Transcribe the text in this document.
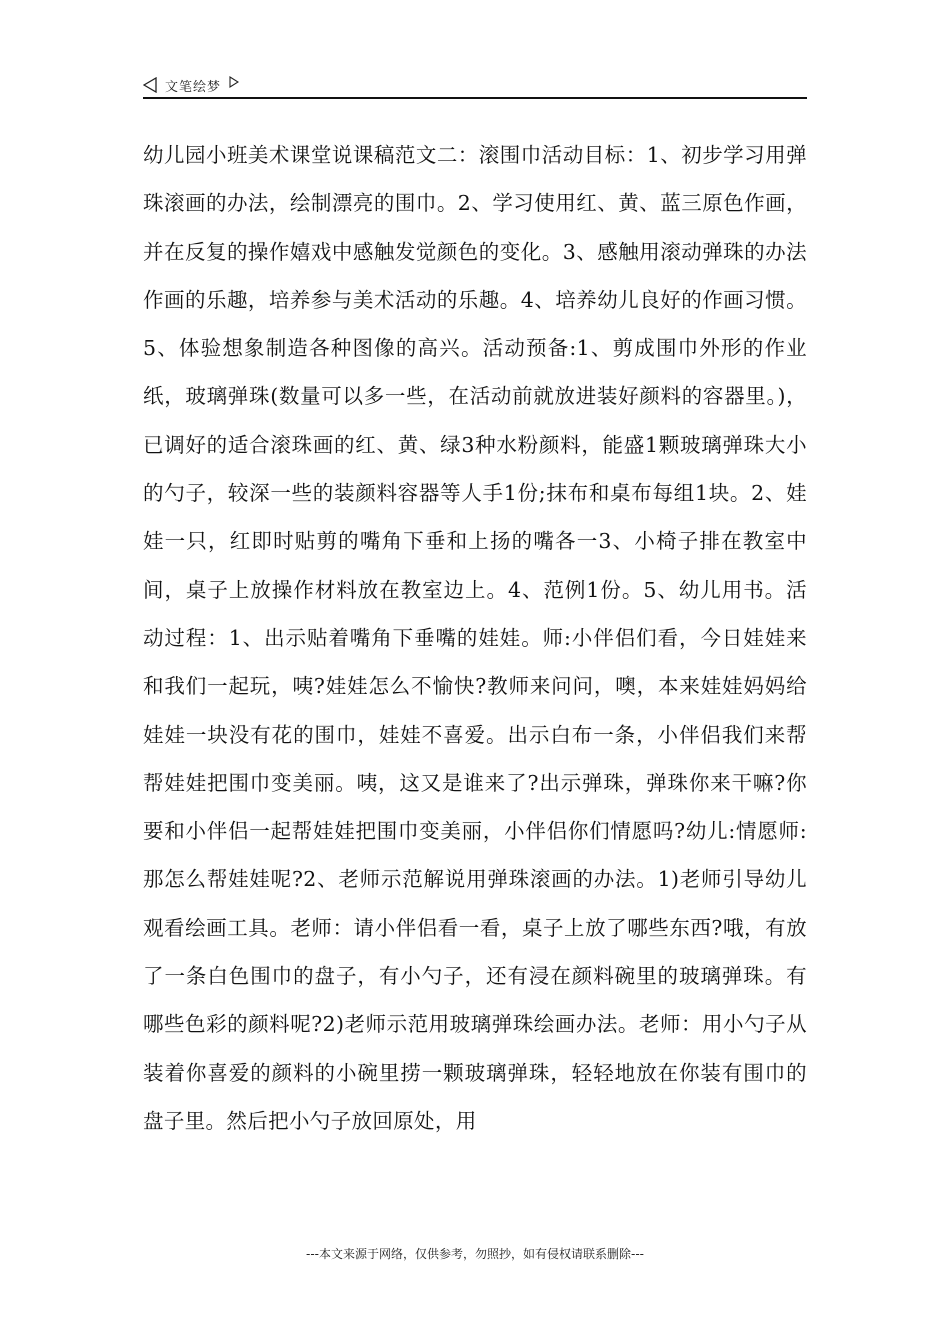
文笔绘梦

幼儿园小班美术课堂说课稿范文二：滚围巾活动目标：1、初步学习用弹珠滚画的办法，绘制漂亮的围巾。2、学习使用红、黄、蓝三原色作画，并在反复的操作嬉戏中感触发觉颜色的变化。3、感触用滚动弹珠的办法作画的乐趣，培养参与美术活动的乐趣。4、培养幼儿良好的作画习惯。5、体验想象制造各种图像的高兴。活动预备:1、剪成围巾外形的作业纸，玻璃弹珠(数量可以多一些，在活动前就放进装好颜料的容器里。)，已调好的适合滚珠画的红、黄、绿3种水粉颜料，能盛1颗玻璃弹珠大小的勺子，较深一些的装颜料容器等人手1份;抹布和桌布每组1块。2、娃娃一只，红即时贴剪的嘴角下垂和上扬的嘴各一3、小椅子排在教室中间，桌子上放操作材料放在教室边上。4、范例1份。5、幼儿用书。活动过程：1、出示贴着嘴角下垂嘴的娃娃。师:小伴侣们看，今日娃娃来和我们一起玩，咦?娃娃怎么不愉快?教师来问问，噢，本来娃娃妈妈给娃娃一块没有花的围巾，娃娃不喜爱。出示白布一条，小伴侣我们来帮帮娃娃把围巾变美丽。咦，这又是谁来了?出示弹珠，弹珠你来干嘛?你要和小伴侣一起帮娃娃把围巾变美丽，小伴侣你们情愿吗?幼儿:情愿师:那怎么帮娃娃呢?2、老师示范解说用弹珠滚画的办法。1)老师引导幼儿观看绘画工具。老师：请小伴侣看一看，桌子上放了哪些东西?哦，有放了一条白色围巾的盘子，有小勺子，还有浸在颜料碗里的玻璃弹珠。有哪些色彩的颜料呢?2)老师示范用玻璃弹珠绘画办法。老师：用小勺子从装着你喜爱的颜料的小碗里捞一颗玻璃弹珠，轻轻地放在你装有围巾的盘子里。然后把小勺子放回原处，用

---本文来源于网络，仅供参考，勿照抄，如有侵权请联系删除---
